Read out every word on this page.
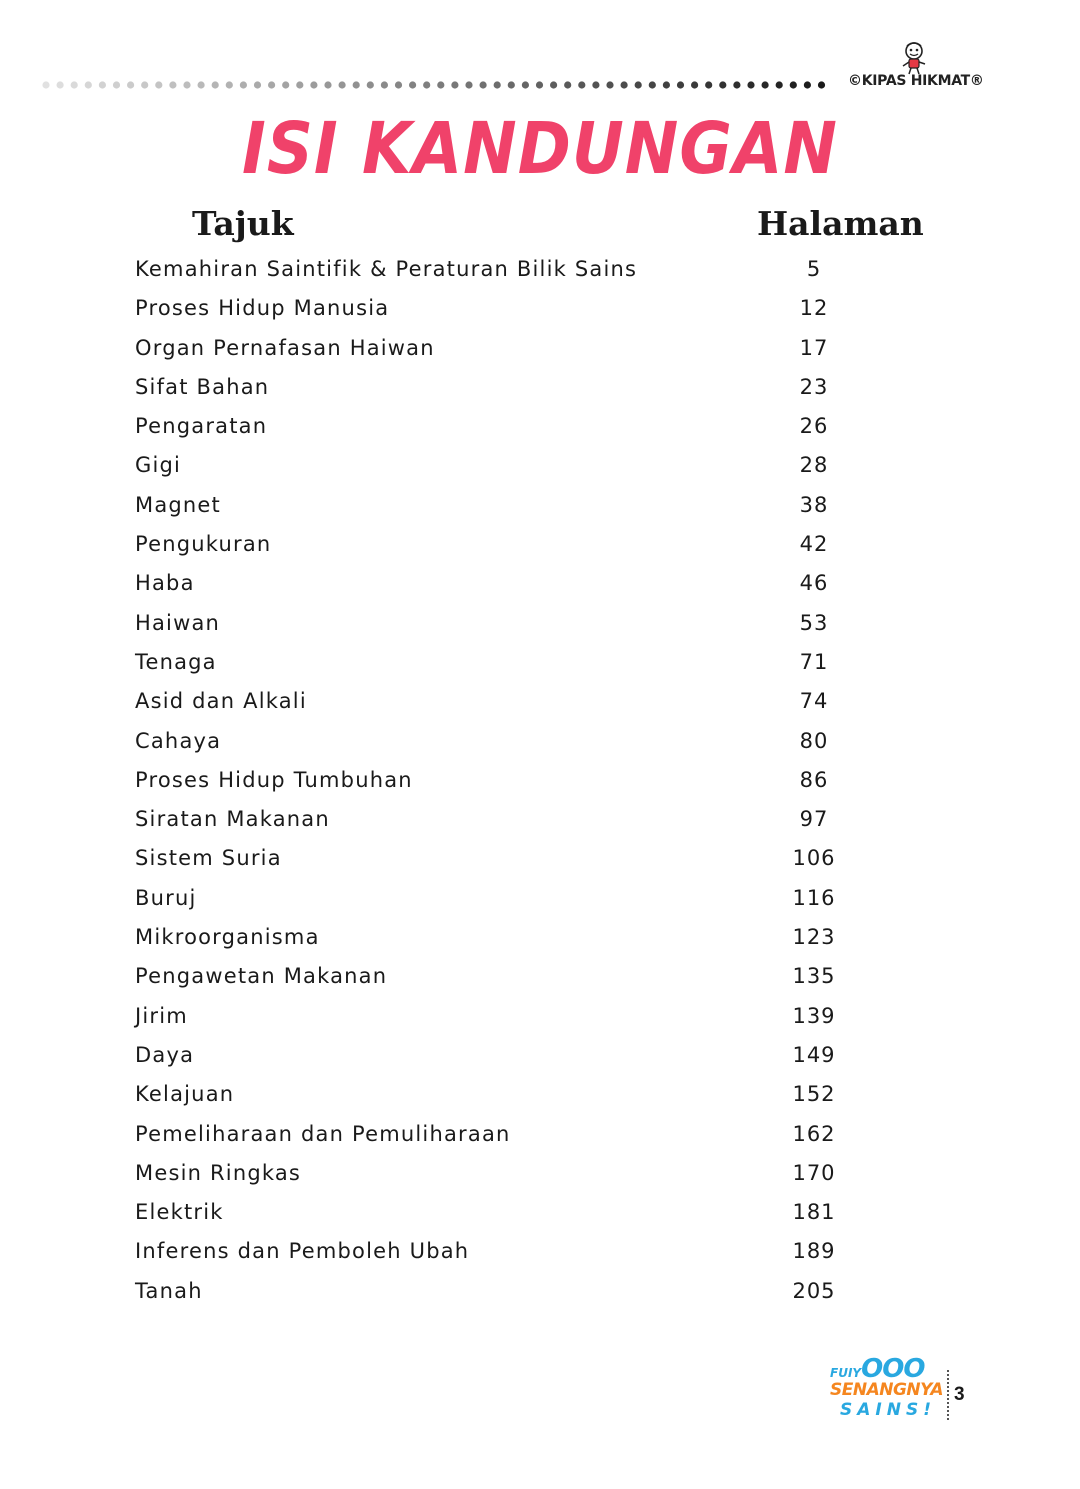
©KIPAS HIKMAT®
ISI KANDUNGAN
Tajuk	Halaman
Kemahiran Saintifik & Peraturan Bilik Sains	5
Proses Hidup Manusia	12
Organ Pernafasan Haiwan	17
Sifat Bahan	23
Pengaratan	26
Gigi	28
Magnet	38
Pengukuran	42
Haba	46
Haiwan	53
Tenaga	71
Asid dan Alkali	74
Cahaya	80
Proses Hidup Tumbuhan	86
Siratan Makanan	97
Sistem Suria	106
Buruj	116
Mikroorganisma	123
Pengawetan Makanan	135
Jirim	139
Daya	149
Kelajuan	152
Pemeliharaan dan Pemuliharaan	162
Mesin Ringkas	170
Elektrik	181
Inferens dan Pemboleh Ubah	189
Tanah	205
FUIYOOO
SENANGNYA
SAINS!
3
